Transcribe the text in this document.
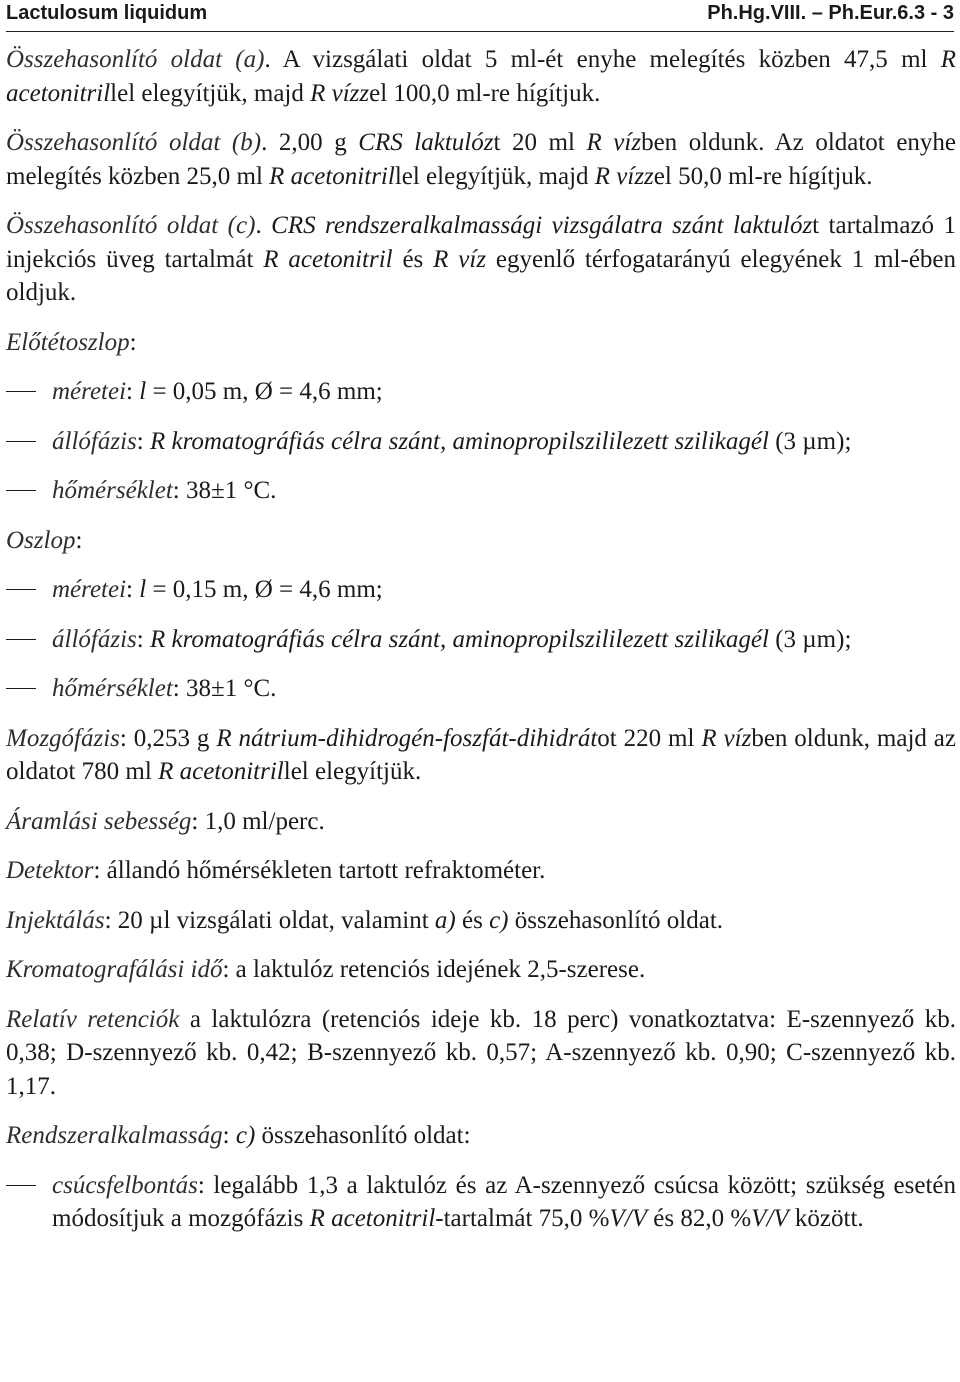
Lactulosum liquidum	Ph.Hg.VIII. – Ph.Eur.6.3 - 3

Összehasonlító oldat (a). A vizsgálati oldat 5 ml-ét enyhe melegítés közben 47,5 ml R acetonitrillel elegyítjük, majd R vízzel 100,0 ml-re hígítjuk.

Összehasonlító oldat (b). 2,00 g CRS laktulózt 20 ml R vízben oldunk. Az oldatot enyhe melegítés közben 25,0 ml R acetonitrillel elegyítjük, majd R vízzel 50,0 ml-re hígítjuk.

Összehasonlító oldat (c). CRS rendszeralkalmassági vizsgálatra szánt laktulózt tartalmazó 1 injekciós üveg tartalmát R acetonitril és R víz egyenlő térfogatarányú elegyének 1 ml-ében oldjuk.

Előtétoszlop:

méretei: l = 0,05 m, Ø = 4,6 mm;
állófázis: R kromatográfiás célra szánt, aminopropilszililezett szilikagél (3 µm);
hőmérséklet: 38±1 °C.

Oszlop:

méretei: l = 0,15 m, Ø = 4,6 mm;
állófázis: R kromatográfiás célra szánt, aminopropilszililezett szilikagél (3 µm);
hőmérséklet: 38±1 °C.

Mozgófázis: 0,253 g R nátrium-dihidrogén-foszfát-dihidrátot 220 ml R vízben oldunk, majd az oldatot 780 ml R acetonitrillel elegyítjük.

Áramlási sebesség: 1,0 ml/perc.

Detektor: állandó hőmérsékleten tartott refraktométer.

Injektálás: 20 µl vizsgálati oldat, valamint a) és c) összehasonlító oldat.

Kromatografálási idő: a laktulóz retenciós idejének 2,5-szerese.

Relatív retenciók a laktulózra (retenciós ideje kb. 18 perc) vonatkoztatva: E-szennyező kb. 0,38; D-szennyező kb. 0,42; B-szennyező kb. 0,57; A-szennyező kb. 0,90; C-szennyező kb. 1,17.

Rendszeralkalmasság: c) összehasonlító oldat:

csúcsfelbontás: legalább 1,3 a laktulóz és az A-szennyező csúcsa között; szükség esetén módosítjuk a mozgófázis R acetonitril-tartalmát 75,0 %V/V és 82,0 %V/V között.
